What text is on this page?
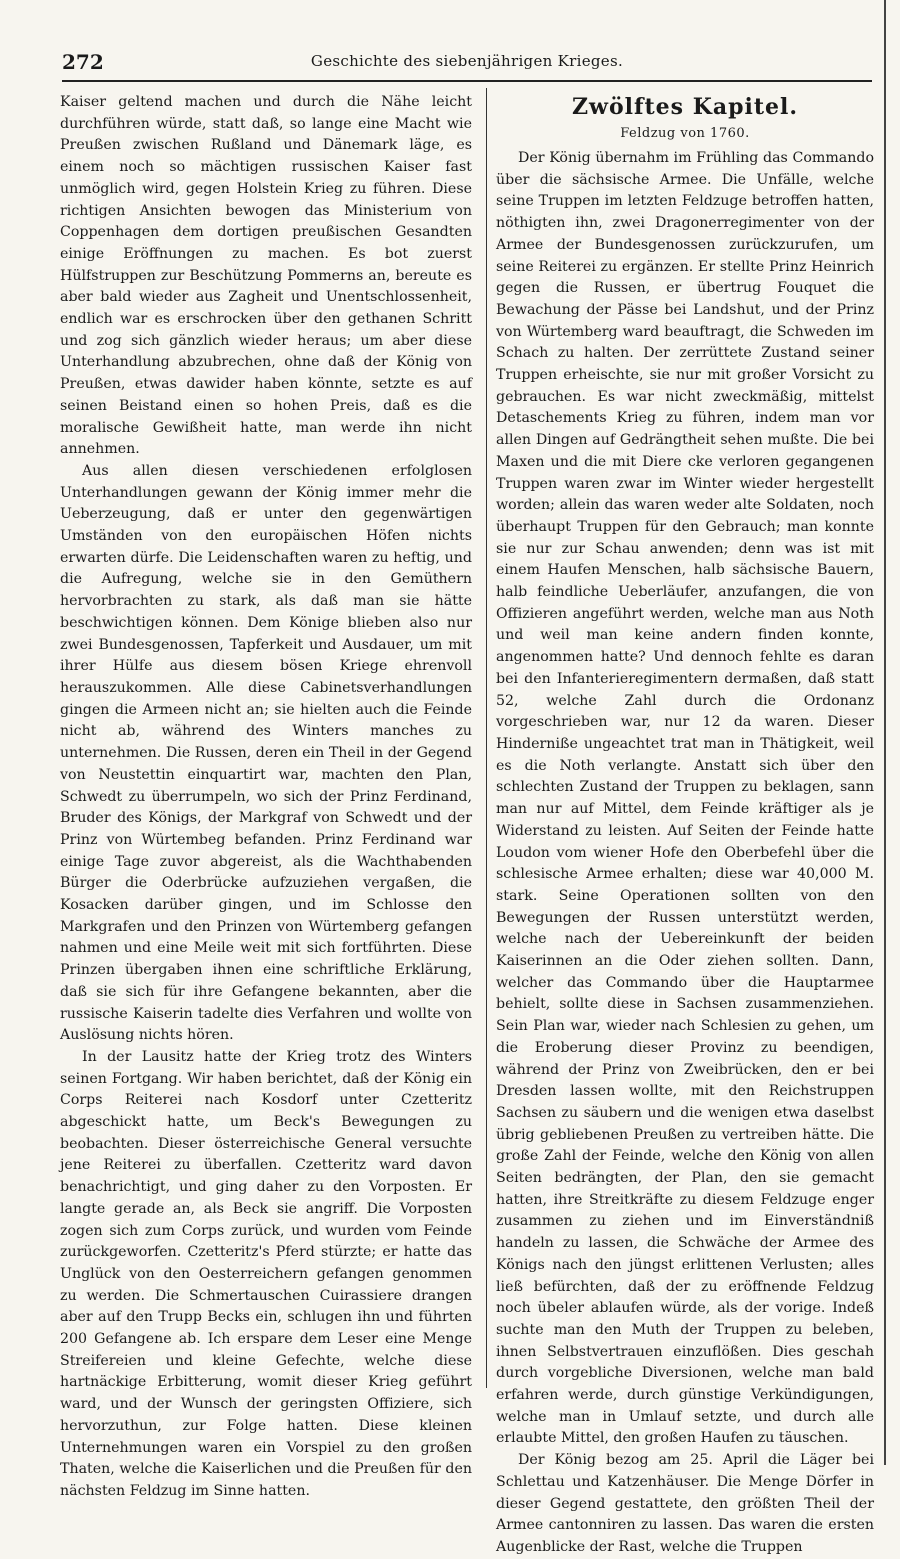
272	Geschichte des siebenjährigen Krieges.

Kaiser geltend machen und durch die Nähe leicht durchführen würde, statt daß, so lange eine Macht wie Preußen zwischen Rußland und Dänemark läge, es einem noch so mächtigen russischen Kaiser fast unmöglich wird, gegen Holstein Krieg zu führen. Diese richtigen Ansichten bewogen das Ministerium von Coppenhagen dem dortigen preußischen Gesandten einige Eröffnungen zu machen. Es bot zuerst Hülfstruppen zur Beschützung Pommerns an, bereute es aber bald wieder aus Zagheit und Unentschlossenheit, endlich war es erschrocken über den gethanen Schritt und zog sich gänzlich wieder heraus; um aber diese Unterhandlung abzubrechen, ohne daß der König von Preußen, etwas dawider haben könnte, setzte es auf seinen Beistand einen so hohen Preis, daß es die moralische Gewißheit hatte, man werde ihn nicht annehmen.

Aus allen diesen verschiedenen erfolglosen Unterhandlungen gewann der König immer mehr die Ueberzeugung, daß er unter den gegenwärtigen Umständen von den europäischen Höfen nichts erwarten dürfe. Die Leidenschaften waren zu heftig, und die Aufregung, welche sie in den Gemüthern hervorbrachten zu stark, als daß man sie hätte beschwichtigen können. Dem Könige blieben also nur zwei Bundesgenossen, Tapferkeit und Ausdauer, um mit ihrer Hülfe aus diesem bösen Kriege ehrenvoll herauszukommen. Alle diese Cabinetsverhandlungen gingen die Armeen nicht an; sie hielten auch die Feinde nicht ab, während des Winters manches zu unternehmen. Die Russen, deren ein Theil in der Gegend von Neustettin einquartirt war, machten den Plan, Schwedt zu überrumpeln, wo sich der Prinz Ferdinand, Bruder des Königs, der Markgraf von Schwedt und der Prinz von Würtembeg befanden. Prinz Ferdinand war einige Tage zuvor abgereist, als die Wachthabenden Bürger die Oderbrücke aufzuziehen vergaßen, die Kosacken darüber gingen, und im Schlosse den Markgrafen und den Prinzen von Würtemberg gefangen nahmen und eine Meile weit mit sich fortführten. Diese Prinzen übergaben ihnen eine schriftliche Erklärung, daß sie sich für ihre Gefangene bekannten, aber die russische Kaiserin tadelte dies Verfahren und wollte von Auslösung nichts hören.

In der Lausitz hatte der Krieg trotz des Winters seinen Fortgang. Wir haben berichtet, daß der König ein Corps Reiterei nach Kosdorf unter Czetteritz abgeschickt hatte, um Beck's Bewegungen zu beobachten. Dieser österreichische General versuchte jene Reiterei zu überfallen. Czetteritz ward davon benachrichtigt, und ging daher zu den Vorposten. Er langte gerade an, als Beck sie angriff. Die Vorposten zogen sich zum Corps zurück, und wurden vom Feinde zurückgeworfen. Czetteritz's Pferd stürzte; er hatte das Unglück von den Oesterreichern gefangen genommen zu werden. Die Schmertauschen Cuirassiere drangen aber auf den Trupp Becks ein, schlugen ihn und führten 200 Gefangene ab. Ich erspare dem Leser eine Menge Streifereien und kleine Gefechte, welche diese hartnäckige Erbitterung, womit dieser Krieg geführt ward, und der Wunsch der geringsten Offiziere, sich hervorzuthun, zur Folge hatten. Diese kleinen Unternehmungen waren ein Vorspiel zu den großen Thaten, welche die Kaiserlichen und die Preußen für den nächsten Feldzug im Sinne hatten.

Zwölftes Kapitel.
Feldzug von 1760.

Der König übernahm im Frühling das Commando über die sächsische Armee. Die Unfälle, welche seine Truppen im letzten Feldzuge betroffen hatten, nöthigten ihn, zwei Dragonerregimenter von der Armee der Bundesgenossen zurückzurufen, um seine Reiterei zu ergänzen. Er stellte Prinz Heinrich gegen die Russen, er übertrug Fouquet die Bewachung der Pässe bei Landshut, und der Prinz von Würtemberg ward beauftragt, die Schweden im Schach zu halten. Der zerrüttete Zustand seiner Truppen erheischte, sie nur mit großer Vorsicht zu gebrauchen. Es war nicht zweckmäßig, mittelst Detaschements Krieg zu führen, indem man vor allen Dingen auf Gedrängtheit sehen mußte. Die bei Maxen und die mit Diere cke verloren gegangenen Truppen waren zwar im Winter wieder hergestellt worden; allein das waren weder alte Soldaten, noch überhaupt Truppen für den Gebrauch; man konnte sie nur zur Schau anwenden; denn was ist mit einem Haufen Menschen, halb sächsische Bauern, halb feindliche Ueberläufer, anzufangen, die von Offizieren angeführt werden, welche man aus Noth und weil man keine andern finden konnte, angenommen hatte? Und dennoch fehlte es daran bei den Infanterieregimentern dermaßen, daß statt 52, welche Zahl durch die Ordonanz vorgeschrieben war, nur 12 da waren. Dieser Hinderniße ungeachtet trat man in Thätigkeit, weil es die Noth verlangte. Anstatt sich über den schlechten Zustand der Truppen zu beklagen, sann man nur auf Mittel, dem Feinde kräftiger als je Widerstand zu leisten. Auf Seiten der Feinde hatte Loudon vom wiener Hofe den Oberbefehl über die schlesische Armee erhalten; diese war 40,000 M. stark. Seine Operationen sollten von den Bewegungen der Russen unterstützt werden, welche nach der Uebereinkunft der beiden Kaiserinnen an die Oder ziehen sollten. Dann, welcher das Commando über die Hauptarmee behielt, sollte diese in Sachsen zusammenziehen. Sein Plan war, wieder nach Schlesien zu gehen, um die Eroberung dieser Provinz zu beendigen, während der Prinz von Zweibrücken, den er bei Dresden lassen wollte, mit den Reichstruppen Sachsen zu säubern und die wenigen etwa daselbst übrig gebliebenen Preußen zu vertreiben hätte. Die große Zahl der Feinde, welche den König von allen Seiten bedrängten, der Plan, den sie gemacht hatten, ihre Streitkräfte zu diesem Feldzuge enger zusammen zu ziehen und im Einverständniß handeln zu lassen, die Schwäche der Armee des Königs nach den jüngst erlittenen Verlusten; alles ließ befürchten, daß der zu eröffnende Feldzug noch übeler ablaufen würde, als der vorige. Indeß suchte man den Muth der Truppen zu beleben, ihnen Selbstvertrauen einzuflößen. Dies geschah durch vorgebliche Diversionen, welche man bald erfahren werde, durch günstige Verkündigungen, welche man in Umlauf setzte, und durch alle erlaubte Mittel, den großen Haufen zu täuschen.

Der König bezog am 25. April die Läger bei Schlettau und Katzenhäuser. Die Menge Dörfer in dieser Gegend gestattete, den größten Theil der Armee cantonniren zu lassen. Das waren die ersten Augenblicke der Rast, welche die Truppen
